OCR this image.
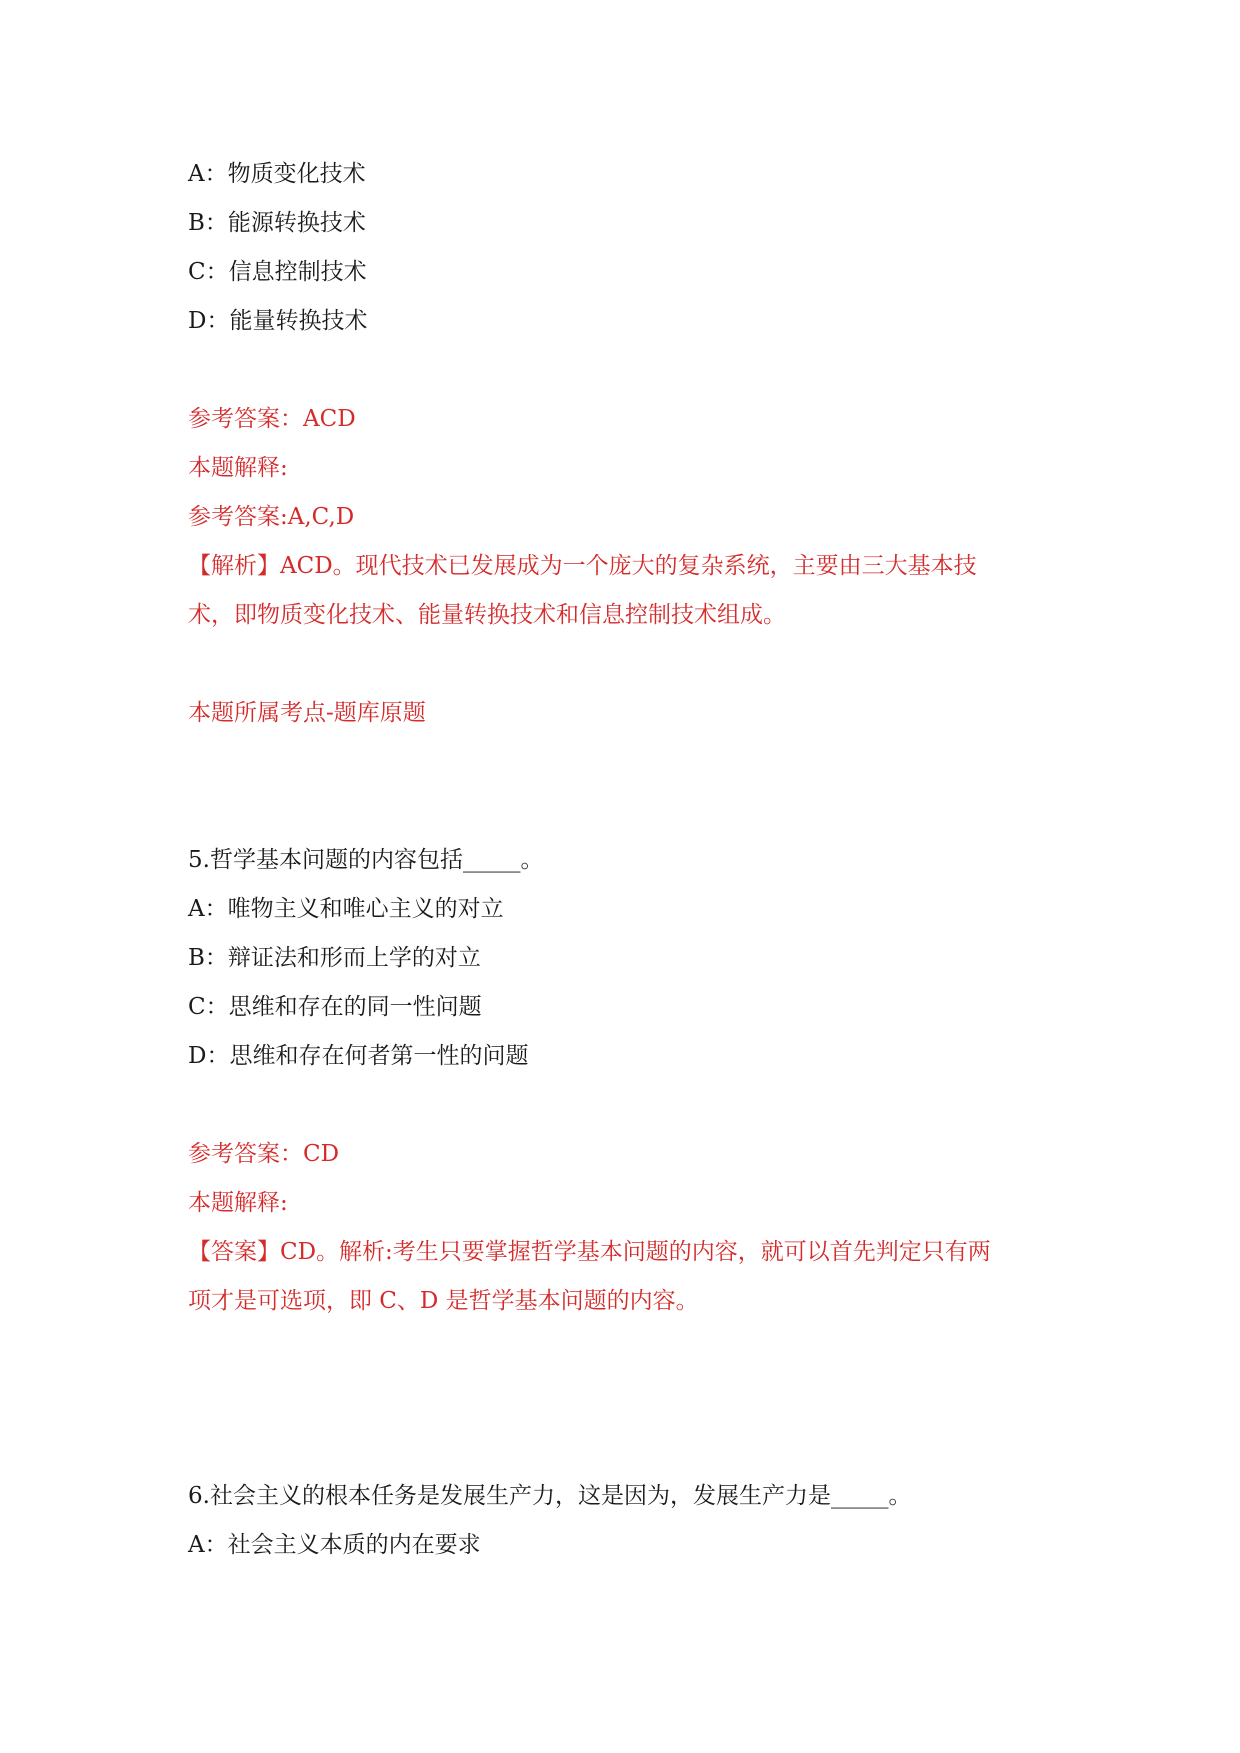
A：物质变化技术

B：能源转换技术

C：信息控制技术

D：能量转换技术

参考答案：ACD

本题解释:

参考答案:A,C,D

【解析】ACD。现代技术已发展成为一个庞大的复杂系统，主要由三大基本技

术，即物质变化技术、能量转换技术和信息控制技术组成。

本题所属考点-题库原题

5.哲学基本问题的内容包括_____。

A：唯物主义和唯心主义的对立

B：辩证法和形而上学的对立

C：思维和存在的同一性问题

D：思维和存在何者第一性的问题

参考答案：CD

本题解释:

【答案】CD。解析:考生只要掌握哲学基本问题的内容，就可以首先判定只有两

项才是可选项，即 C、D 是哲学基本问题的内容。

6.社会主义的根本任务是发展生产力，这是因为，发展生产力是_____。

A：社会主义本质的内在要求
